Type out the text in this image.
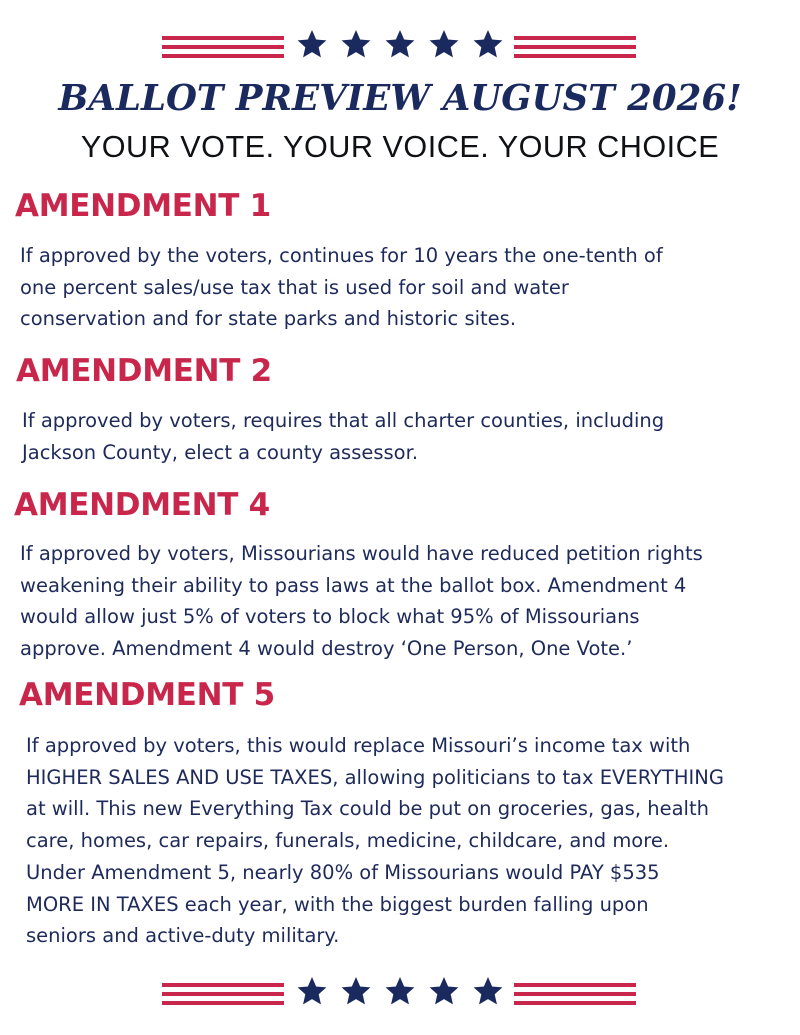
BALLOT PREVIEW AUGUST 2026!
YOUR VOTE. YOUR VOICE. YOUR CHOICE
AMENDMENT 1
If approved by the voters, continues for 10 years the one-tenth of
one percent sales/use tax that is used for soil and water
conservation and for state parks and historic sites.
AMENDMENT 2
If approved by voters, requires that all charter counties, including
Jackson County, elect a county assessor.
AMENDMENT 4
If approved by voters, Missourians would have reduced petition rights
weakening their ability to pass laws at the ballot box. Amendment 4
would allow just 5% of voters to block what 95% of Missourians
approve. Amendment 4 would destroy ‘One Person, One Vote.’
AMENDMENT 5
If approved by voters, this would replace Missouri’s income tax with
HIGHER SALES AND USE TAXES, allowing politicians to tax EVERYTHING
at will. This new Everything Tax could be put on groceries, gas, health
care, homes, car repairs, funerals, medicine, childcare, and more.
Under Amendment 5, nearly 80% of Missourians would PAY $535
MORE IN TAXES each year, with the biggest burden falling upon
seniors and active-duty military.
